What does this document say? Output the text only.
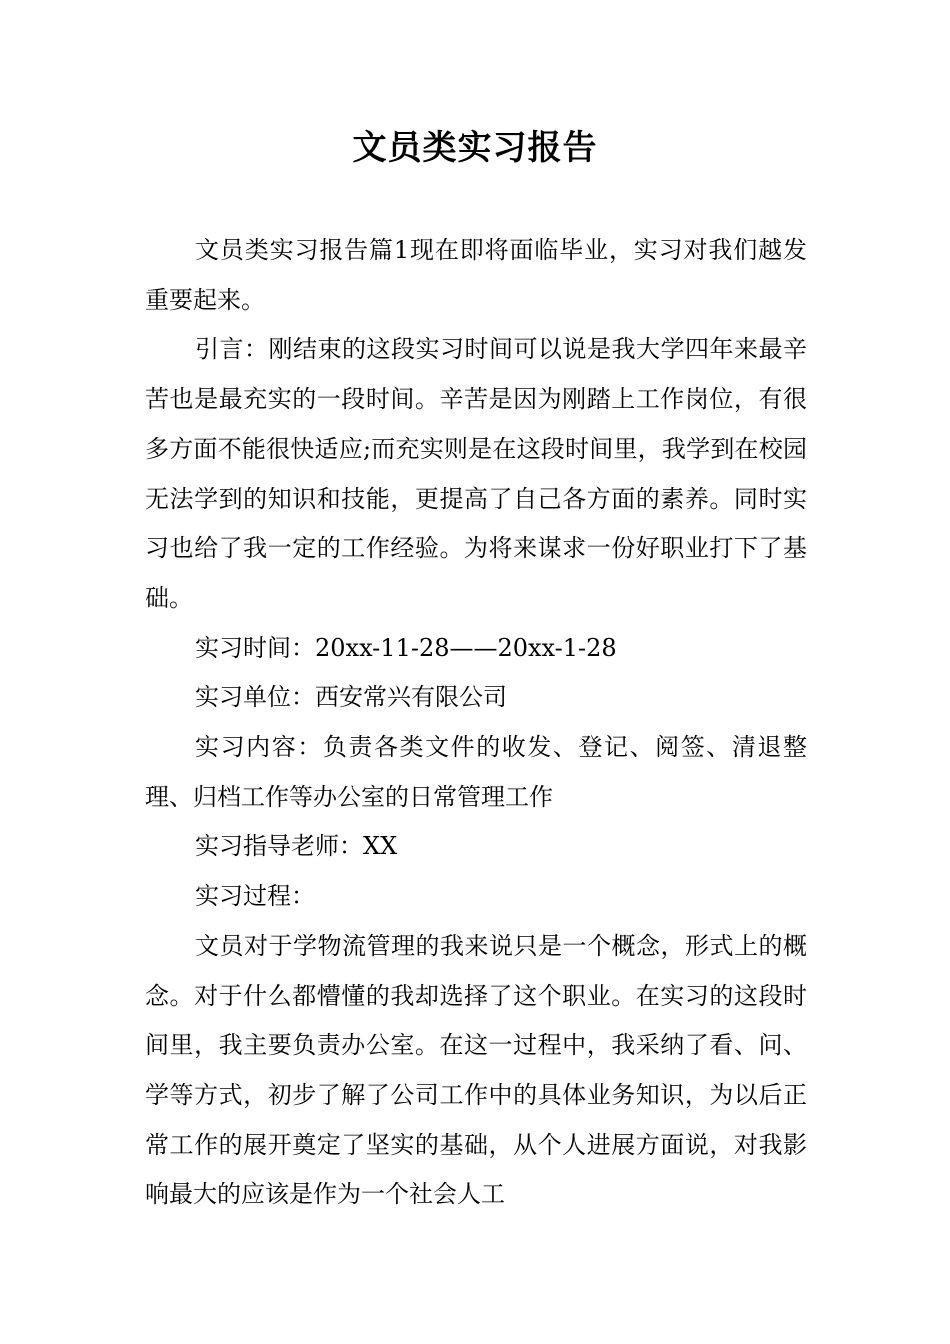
文员类实习报告

文员类实习报告篇1现在即将面临毕业，实习对我们越发重要起来。

引言：刚结束的这段实习时间可以说是我大学四年来最辛苦也是最充实的一段时间。辛苦是因为刚踏上工作岗位，有很多方面不能很快适应;而充实则是在这段时间里，我学到在校园无法学到的知识和技能，更提高了自己各方面的素养。同时实习也给了我一定的工作经验。为将来谋求一份好职业打下了基础。

实习时间：20xx-11-28——20xx-1-28

实习单位：西安常兴有限公司

实习内容：负责各类文件的收发、登记、阅签、清退整理、归档工作等办公室的日常管理工作

实习指导老师：XX

实习过程：

文员对于学物流管理的我来说只是一个概念，形式上的概念。对于什么都懵懂的我却选择了这个职业。在实习的这段时间里，我主要负责办公室。在这一过程中，我采纳了看、问、学等方式，初步了解了公司工作中的具体业务知识，为以后正常工作的展开奠定了坚实的基础，从个人进展方面说，对我影响最大的应该是作为一个社会人工
